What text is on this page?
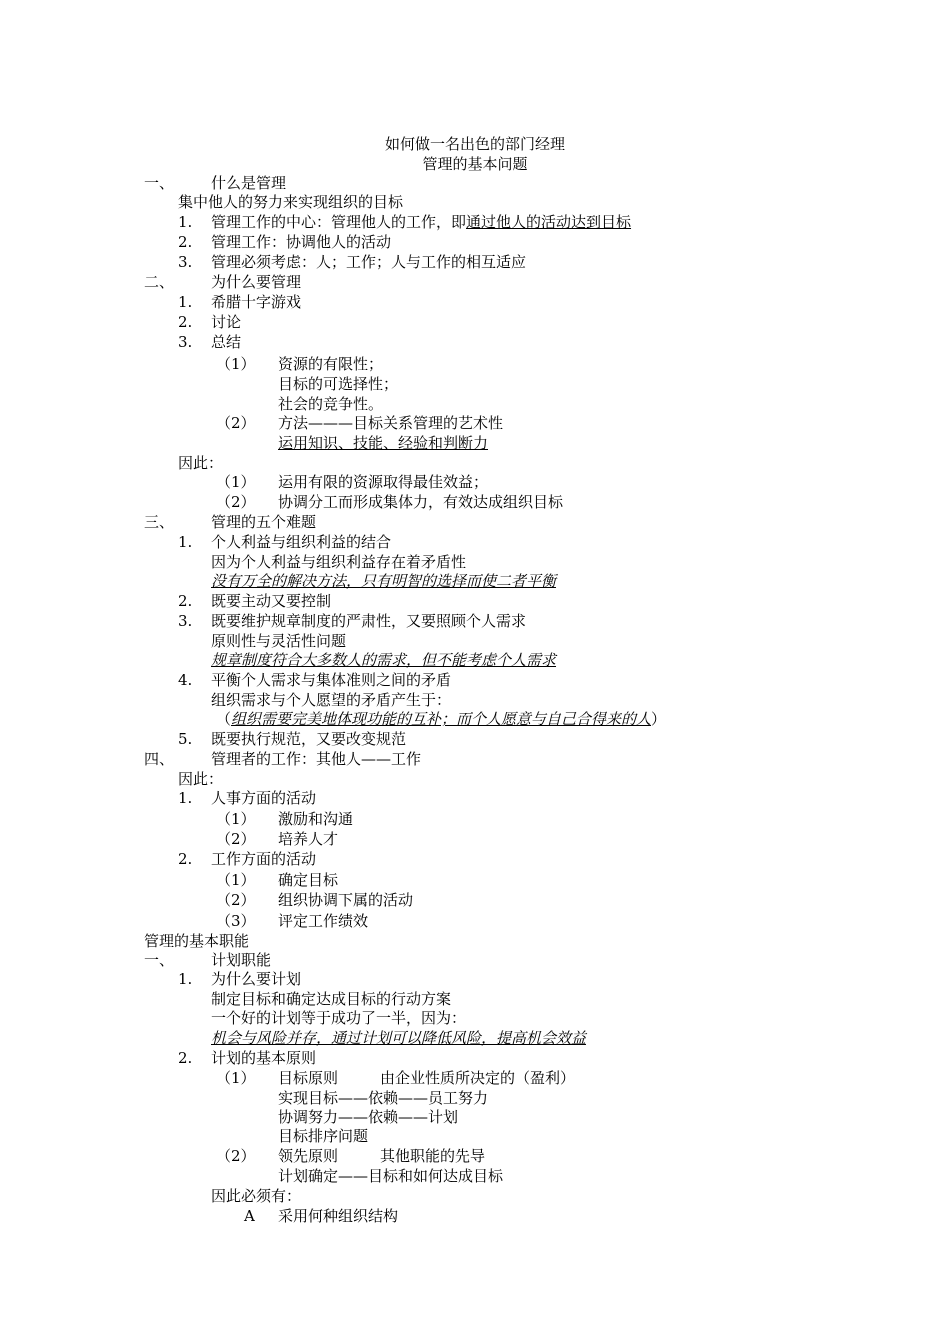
如何做一名出色的部门经理
管理的基本问题
一、 什么是管理
集中他人的努力来实现组织的目标
1. 管理工作的中心：管理他人的工作，即通过他人的活动达到目标
2. 管理工作：协调他人的活动
3. 管理必须考虑：人；工作；人与工作的相互适应
二、 为什么要管理
1. 希腊十字游戏
2. 讨论
3. 总结
（1） 资源的有限性；
目标的可选择性；
社会的竞争性。
（2） 方法———目标关系管理的艺术性
运用知识、技能、经验和判断力
因此：
（1） 运用有限的资源取得最佳效益；
（2） 协调分工而形成集体力，有效达成组织目标
三、 管理的五个难题
1. 个人利益与组织利益的结合
因为个人利益与组织利益存在着矛盾性
没有万全的解决方法，只有明智的选择而使二者平衡
2. 既要主动又要控制
3. 既要维护规章制度的严肃性，又要照顾个人需求
原则性与灵活性问题
规章制度符合大多数人的需求，但不能考虑个人需求
4. 平衡个人需求与集体准则之间的矛盾
组织需求与个人愿望的矛盾产生于：
（组织需要完美地体现功能的互补；而个人愿意与自己合得来的人）
5. 既要执行规范，又要改变规范
四、 管理者的工作：其他人——工作
因此：
1. 人事方面的活动
（1） 激励和沟通
（2） 培养人才
2. 工作方面的活动
（1） 确定目标
（2） 组织协调下属的活动
（3） 评定工作绩效
管理的基本职能
一、 计划职能
1. 为什么要计划
制定目标和确定达成目标的行动方案
一个好的计划等于成功了一半，因为：
机会与风险并存，通过计划可以降低风险，提高机会效益
2. 计划的基本原则
（1） 目标原则	由企业性质所决定的（盈利）
实现目标——依赖——员工努力
协调努力——依赖——计划
目标排序问题
（2） 领先原则	其他职能的先导
计划确定——目标和如何达成目标
因此必须有：
A 采用何种组织结构
